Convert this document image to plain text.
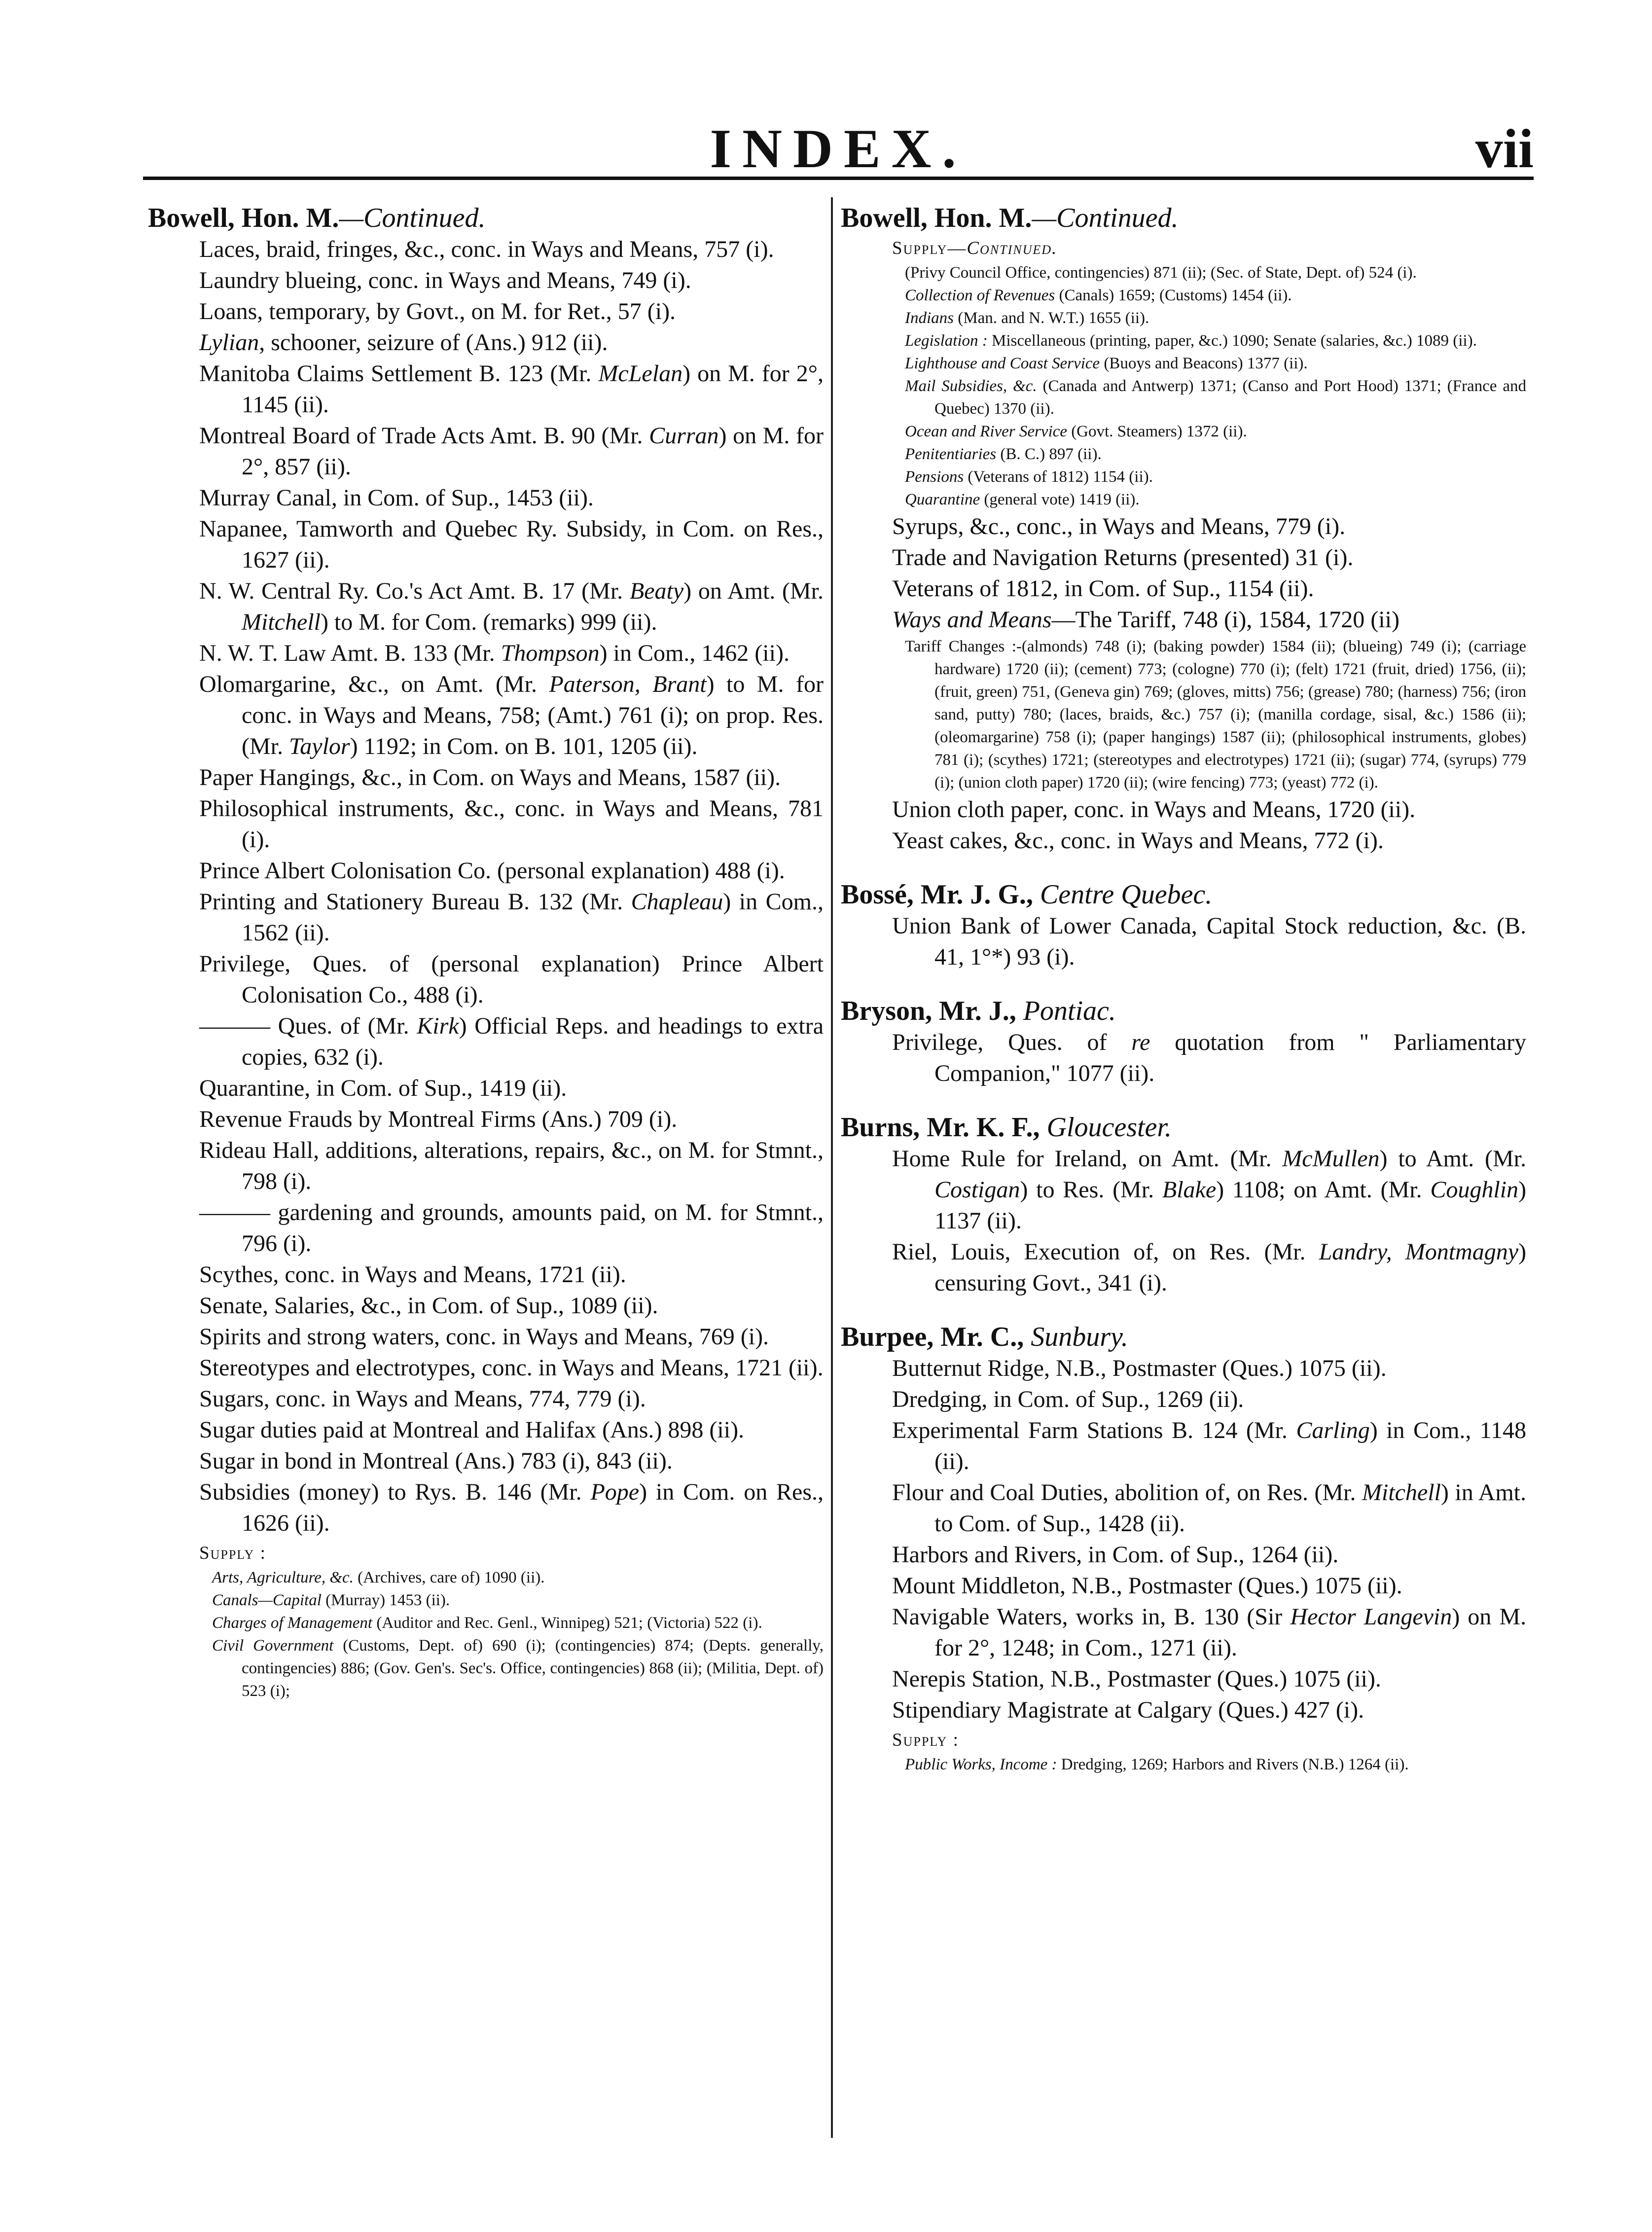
INDEX.	vii

Bowell, Hon. M.—Continued.

Laces, braid, fringes, &c., conc. in Ways and Means, 757 (i).

Laundry blueing, conc. in Ways and Means, 749 (i).

Loans, temporary, by Govt., on M. for Ret., 57 (i).

Lylian, schooner, seizure of (Ans.) 912 (ii).

Manitoba Claims Settlement B. 123 (Mr. McLelan) on M. for 2°, 1145 (ii).

Montreal Board of Trade Acts Amt. B. 90 (Mr. Curran) on M. for 2°, 857 (ii).

Murray Canal, in Com. of Sup., 1453 (ii).

Napanee, Tamworth and Quebec Ry. Subsidy, in Com. on Res., 1627 (ii).

N. W. Central Ry. Co.'s Act Amt. B. 17 (Mr. Beaty) on Amt. (Mr. Mitchell) to M. for Com. (remarks) 999 (ii).

N. W. T. Law Amt. B. 133 (Mr. Thompson) in Com., 1462 (ii).

Olomargarine, &c., on Amt. (Mr. Paterson, Brant) to M. for conc. in Ways and Means, 758; (Amt.) 761 (i); on prop. Res. (Mr. Taylor) 1192; in Com. on B. 101, 1205 (ii).

Paper Hangings, &c., in Com. on Ways and Means, 1587 (ii).

Philosophical instruments, &c., conc. in Ways and Means, 781 (i).

Prince Albert Colonisation Co. (personal explanation) 488 (i).

Printing and Stationery Bureau B. 132 (Mr. Chapleau) in Com., 1562 (ii).

Privilege, Ques. of (personal explanation) Prince Albert Colonisation Co., 488 (i).

——— Ques. of (Mr. Kirk) Official Reps. and headings to extra copies, 632 (i).

Quarantine, in Com. of Sup., 1419 (ii).

Revenue Frauds by Montreal Firms (Ans.) 709 (i).

Rideau Hall, additions, alterations, repairs, &c., on M. for Stmnt., 798 (i).

——— gardening and grounds, amounts paid, on M. for Stmnt., 796 (i).

Scythes, conc. in Ways and Means, 1721 (ii).

Senate, Salaries, &c., in Com. of Sup., 1089 (ii).

Spirits and strong waters, conc. in Ways and Means, 769 (i).

Stereotypes and electrotypes, conc. in Ways and Means, 1721 (ii).

Sugars, conc. in Ways and Means, 774, 779 (i).

Sugar duties paid at Montreal and Halifax (Ans.) 898 (ii).

Sugar in bond in Montreal (Ans.) 783 (i), 843 (ii).

Subsidies (money) to Rys. B. 146 (Mr. Pope) in Com. on Res., 1626 (ii).

Supply :

Arts, Agriculture, &c. (Archives, care of) 1090 (ii).

Canals—Capital (Murray) 1453 (ii).

Charges of Management (Auditor and Rec. Genl., Winnipeg) 521; (Victoria) 522 (i).

Civil Government (Customs, Dept. of) 690 (i); (contingencies) 874; (Depts. generally, contingencies) 886; (Gov. Gen's. Sec's. Office, contingencies) 868 (ii); (Militia, Dept. of) 523 (i);

Bowell, Hon. M.—Continued.

Supply—Continued.

(Privy Council Office, contingencies) 871 (ii); (Sec. of State, Dept. of) 524 (i).

Collection of Revenues (Canals) 1659; (Customs) 1454 (ii).

Indians (Man. and N. W.T.) 1655 (ii).

Legislation : Miscellaneous (printing, paper, &c.) 1090; Senate (salaries, &c.) 1089 (ii).

Lighthouse and Coast Service (Buoys and Beacons) 1377 (ii).

Mail Subsidies, &c. (Canada and Antwerp) 1371; (Canso and Port Hood) 1371; (France and Quebec) 1370 (ii).

Ocean and River Service (Govt. Steamers) 1372 (ii).

Penitentiaries (B. C.) 897 (ii).

Pensions (Veterans of 1812) 1154 (ii).

Quarantine (general vote) 1419 (ii).

Syrups, &c., conc., in Ways and Means, 779 (i).

Trade and Navigation Returns (presented) 31 (i).

Veterans of 1812, in Com. of Sup., 1154 (ii).

Ways and Means—The Tariff, 748 (i), 1584, 1720 (ii)

Tariff Changes :-(almonds) 748 (i); (baking powder) 1584 (ii); (blueing) 749 (i); (carriage hardware) 1720 (ii); (cement) 773; (cologne) 770 (i); (felt) 1721 (fruit, dried) 1756, (ii); (fruit, green) 751, (Geneva gin) 769; (gloves, mitts) 756; (grease) 780; (harness) 756; (iron sand, putty) 780; (laces, braids, &c.) 757 (i); (manilla cordage, sisal, &c.) 1586 (ii); (oleomargarine) 758 (i); (paper hangings) 1587 (ii); (philosophical instruments, globes) 781 (i); (scythes) 1721; (stereotypes and electrotypes) 1721 (ii); (sugar) 774, (syrups) 779 (i); (union cloth paper) 1720 (ii); (wire fencing) 773; (yeast) 772 (i).

Union cloth paper, conc. in Ways and Means, 1720 (ii).

Yeast cakes, &c., conc. in Ways and Means, 772 (i).

Bossé, Mr. J. G., Centre Quebec.

Union Bank of Lower Canada, Capital Stock reduction, &c. (B. 41, 1°*) 93 (i).

Bryson, Mr. J., Pontiac.

Privilege, Ques. of re quotation from " Parliamentary Companion," 1077 (ii).

Burns, Mr. K. F., Gloucester.

Home Rule for Ireland, on Amt. (Mr. McMullen) to Amt. (Mr. Costigan) to Res. (Mr. Blake) 1108; on Amt. (Mr. Coughlin) 1137 (ii).

Riel, Louis, Execution of, on Res. (Mr. Landry, Montmagny) censuring Govt., 341 (i).

Burpee, Mr. C., Sunbury.

Butternut Ridge, N.B., Postmaster (Ques.) 1075 (ii).

Dredging, in Com. of Sup., 1269 (ii).

Experimental Farm Stations B. 124 (Mr. Carling) in Com., 1148 (ii).

Flour and Coal Duties, abolition of, on Res. (Mr. Mitchell) in Amt. to Com. of Sup., 1428 (ii).

Harbors and Rivers, in Com. of Sup., 1264 (ii).

Mount Middleton, N.B., Postmaster (Ques.) 1075 (ii).

Navigable Waters, works in, B. 130 (Sir Hector Langevin) on M. for 2°, 1248; in Com., 1271 (ii).

Nerepis Station, N.B., Postmaster (Ques.) 1075 (ii).

Stipendiary Magistrate at Calgary (Ques.) 427 (i).

Supply :

Public Works, Income : Dredging, 1269; Harbors and Rivers (N.B.) 1264 (ii).
